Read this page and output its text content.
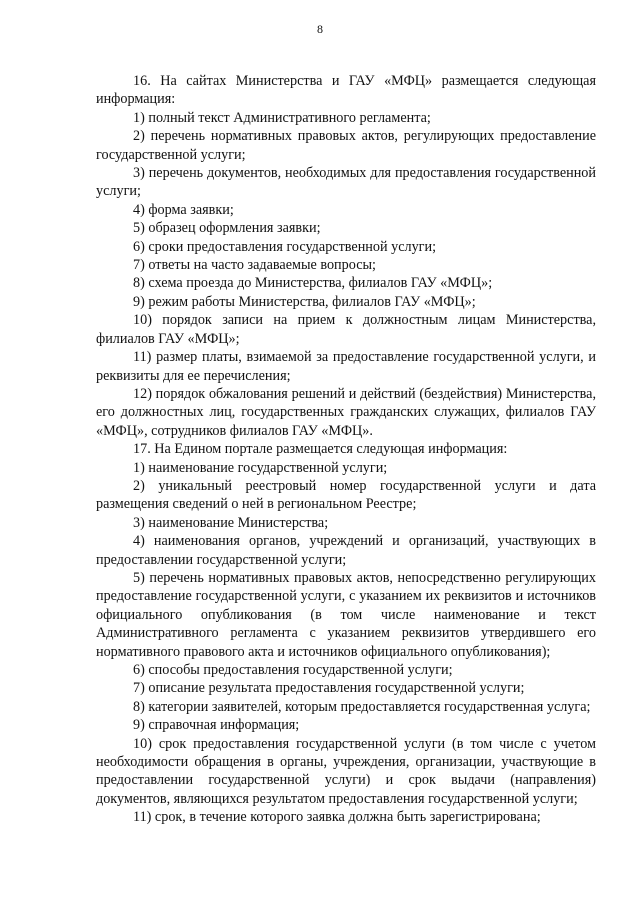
8

16. На сайтах Министерства и ГАУ «МФЦ» размещается следующая информация:

1) полный текст Административного регламента;

2) перечень нормативных правовых актов, регулирующих предоставление государственной услуги;

3) перечень документов, необходимых для предоставления государственной услуги;

4) форма заявки;

5) образец оформления заявки;

6) сроки предоставления государственной услуги;

7) ответы на часто задаваемые вопросы;

8) схема проезда до Министерства, филиалов ГАУ «МФЦ»;

9) режим работы Министерства, филиалов ГАУ «МФЦ»;

10) порядок записи на прием к должностным лицам Министерства, филиалов ГАУ «МФЦ»;

11) размер платы, взимаемой за предоставление государственной услуги, и реквизиты для ее перечисления;

12) порядок обжалования решений и действий (бездействия) Министерства, его должностных лиц, государственных гражданских служащих, филиалов ГАУ «МФЦ», сотрудников филиалов ГАУ «МФЦ».

17. На Едином портале размещается следующая информация:

1) наименование государственной услуги;

2) уникальный реестровый номер государственной услуги и дата размещения сведений о ней в региональном Реестре;

3) наименование Министерства;

4) наименования органов, учреждений и организаций, участвующих в предоставлении государственной услуги;

5) перечень нормативных правовых актов, непосредственно регулирующих предоставление государственной услуги, с указанием их реквизитов и источников официального опубликования (в том числе наименование и текст Административного регламента с указанием реквизитов утвердившего его нормативного правового акта и источников официального опубликования);

6) способы предоставления государственной услуги;

7) описание результата предоставления государственной услуги;

8) категории заявителей, которым предоставляется государственная услуга;

9) справочная информация;

10) срок предоставления государственной услуги (в том числе с учетом необходимости обращения в органы, учреждения, организации, участвующие в предоставлении государственной услуги) и срок выдачи (направления) документов, являющихся результатом предоставления государственной услуги;

11) срок, в течение которого заявка должна быть зарегистрирована;
